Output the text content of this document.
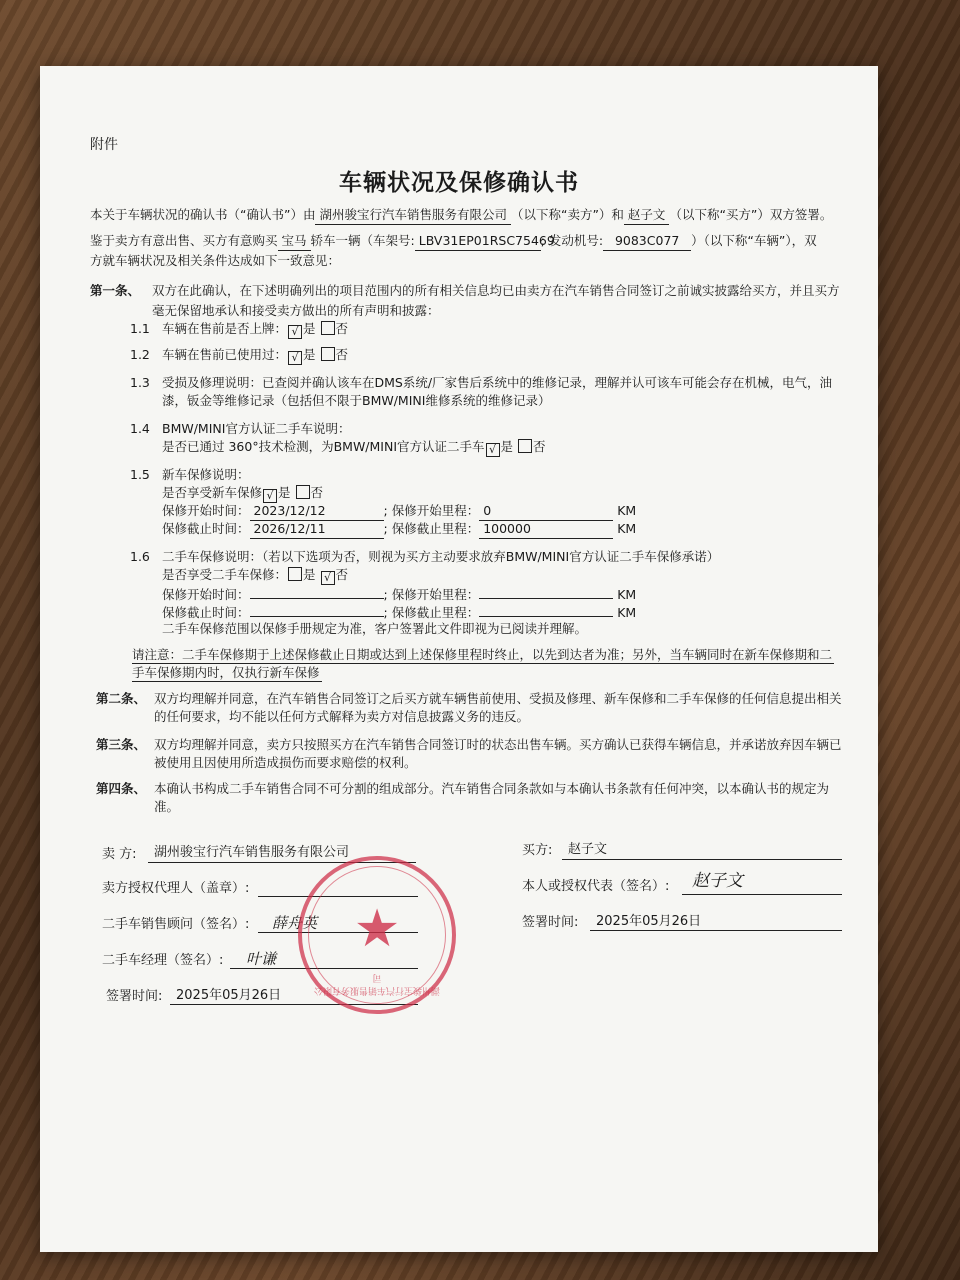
附件
车辆状况及保修确认书
本关于车辆状况的确认书（“确认书”）由 湖州骏宝行汽车销售服务有限公司 （以下称“卖方”）和 赵子文 （以下称“买方”）双方签署。
鉴于卖方有意出售、买方有意购买 宝马 轿车一辆（车架号: LBV31EP01RSC75469; 发动机号: 9083C077 ）（以下称“车辆”），双
方就车辆状况及相关条件达成如下一致意见：
第一条、 双方在此确认，在下述明确列出的项目范围内的所有相关信息均已由卖方在汽车销售合同签订之前诚实披露给买方，并且买方
毫无保留地承认和接受卖方做出的所有声明和披露：
1.1 车辆在售前是否上牌： √ 是 否
1.2 车辆在售前已使用过： √ 是 否
1.3 受损及修理说明：已查阅并确认该车在DMS系统/厂家售后系统中的维修记录，理解并认可该车可能会存在机械，电气，油
漆，钣金等维修记录（包括但不限于BMW/MINI维修系统的维修记录）
1.4 BMW/MINI官方认证二手车说明：
是否已通过 360°技术检测，为BMW/MINI官方认证二手车 √ 是 否
1.5 新车保修说明：
是否享受新车保修 √ 是 否
保修开始时间： 2023/12/12	; 保修开始里程： 0	KM
保修截止时间： 2026/12/11	; 保修截止里程： 100000	KM
1.6 二手车保修说明：（若以下选项为否，则视为买方主动要求放弃BMW/MINI官方认证二手车保修承诺）
是否享受二手车保修： 是 √ 否
保修开始时间：	; 保修开始里程：	KM
保修截止时间：	; 保修截止里程：	KM
二手车保修范围以保修手册规定为准，客户签署此文件即视为已阅读并理解。
请注意：二手车保修期于上述保修截止日期或达到上述保修里程时终止，以先到达者为准；另外，当车辆同时在新车保修期和二
手车保修期内时，仅执行新车保修
第二条、 双方均理解并同意，在汽车销售合同签订之后买方就车辆售前使用、受损及修理、新车保修和二手车保修的任何信息提出相关
的任何要求，均不能以任何方式解释为卖方对信息披露义务的违反。
第三条、 双方均理解并同意，卖方只按照买方在汽车销售合同签订时的状态出售车辆。买方确认已获得车辆信息，并承诺放弃因车辆已
被使用且因使用所造成损伤而要求赔偿的权利。
第四条、 本确认书构成二手车销售合同不可分割的组成部分。汽车销售合同条款如与本确认书条款有任何冲突，以本确认书的规定为
准。
卖 方: 湖州骏宝行汽车销售服务有限公司
卖方授权代理人（盖章）:
二手车销售顾问（签名）: 薛舟英
二手车经理（签名）: 叶谦
签署时间: 2025年05月26日
★
湖州骏宝行汽车销售服务有限公司
买方: 赵子文
本人或授权代表（签名）: 赵子文
签署时间: 2025年05月26日
